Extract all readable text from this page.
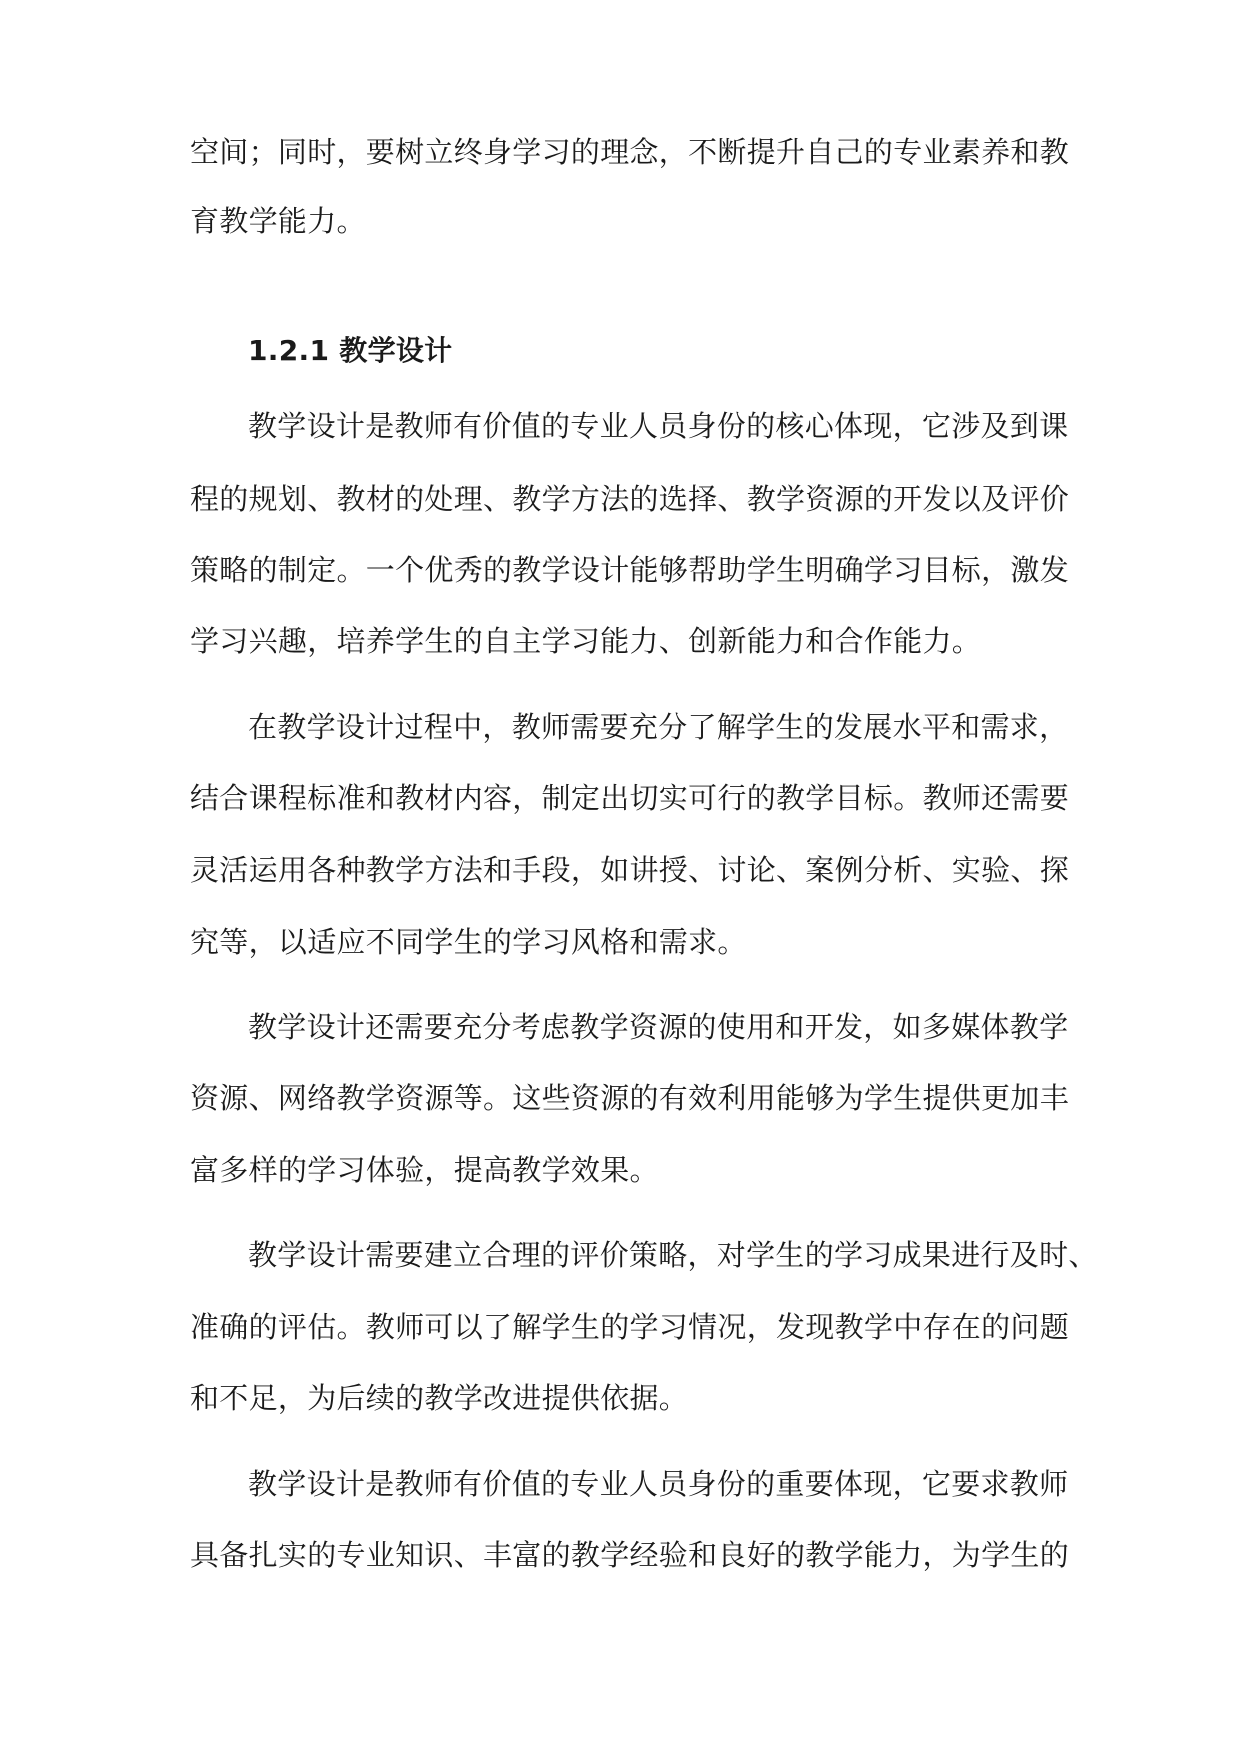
空间；同时，要树立终身学习的理念，不断提升自己的专业素养和教
育教学能力。
1.2.1 教学设计
教学设计是教师有价值的专业人员身份的核心体现，它涉及到课
程的规划、教材的处理、教学方法的选择、教学资源的开发以及评价
策略的制定。一个优秀的教学设计能够帮助学生明确学习目标，激发
学习兴趣，培养学生的自主学习能力、创新能力和合作能力。
在教学设计过程中，教师需要充分了解学生的发展水平和需求，
结合课程标准和教材内容，制定出切实可行的教学目标。教师还需要
灵活运用各种教学方法和手段，如讲授、讨论、案例分析、实验、探
究等，以适应不同学生的学习风格和需求。
教学设计还需要充分考虑教学资源的使用和开发，如多媒体教学
资源、网络教学资源等。这些资源的有效利用能够为学生提供更加丰
富多样的学习体验，提高教学效果。
教学设计需要建立合理的评价策略，对学生的学习成果进行及时、
准确的评估。教师可以了解学生的学习情况，发现教学中存在的问题
和不足，为后续的教学改进提供依据。
教学设计是教师有价值的专业人员身份的重要体现，它要求教师
具备扎实的专业知识、丰富的教学经验和良好的教学能力，为学生的
